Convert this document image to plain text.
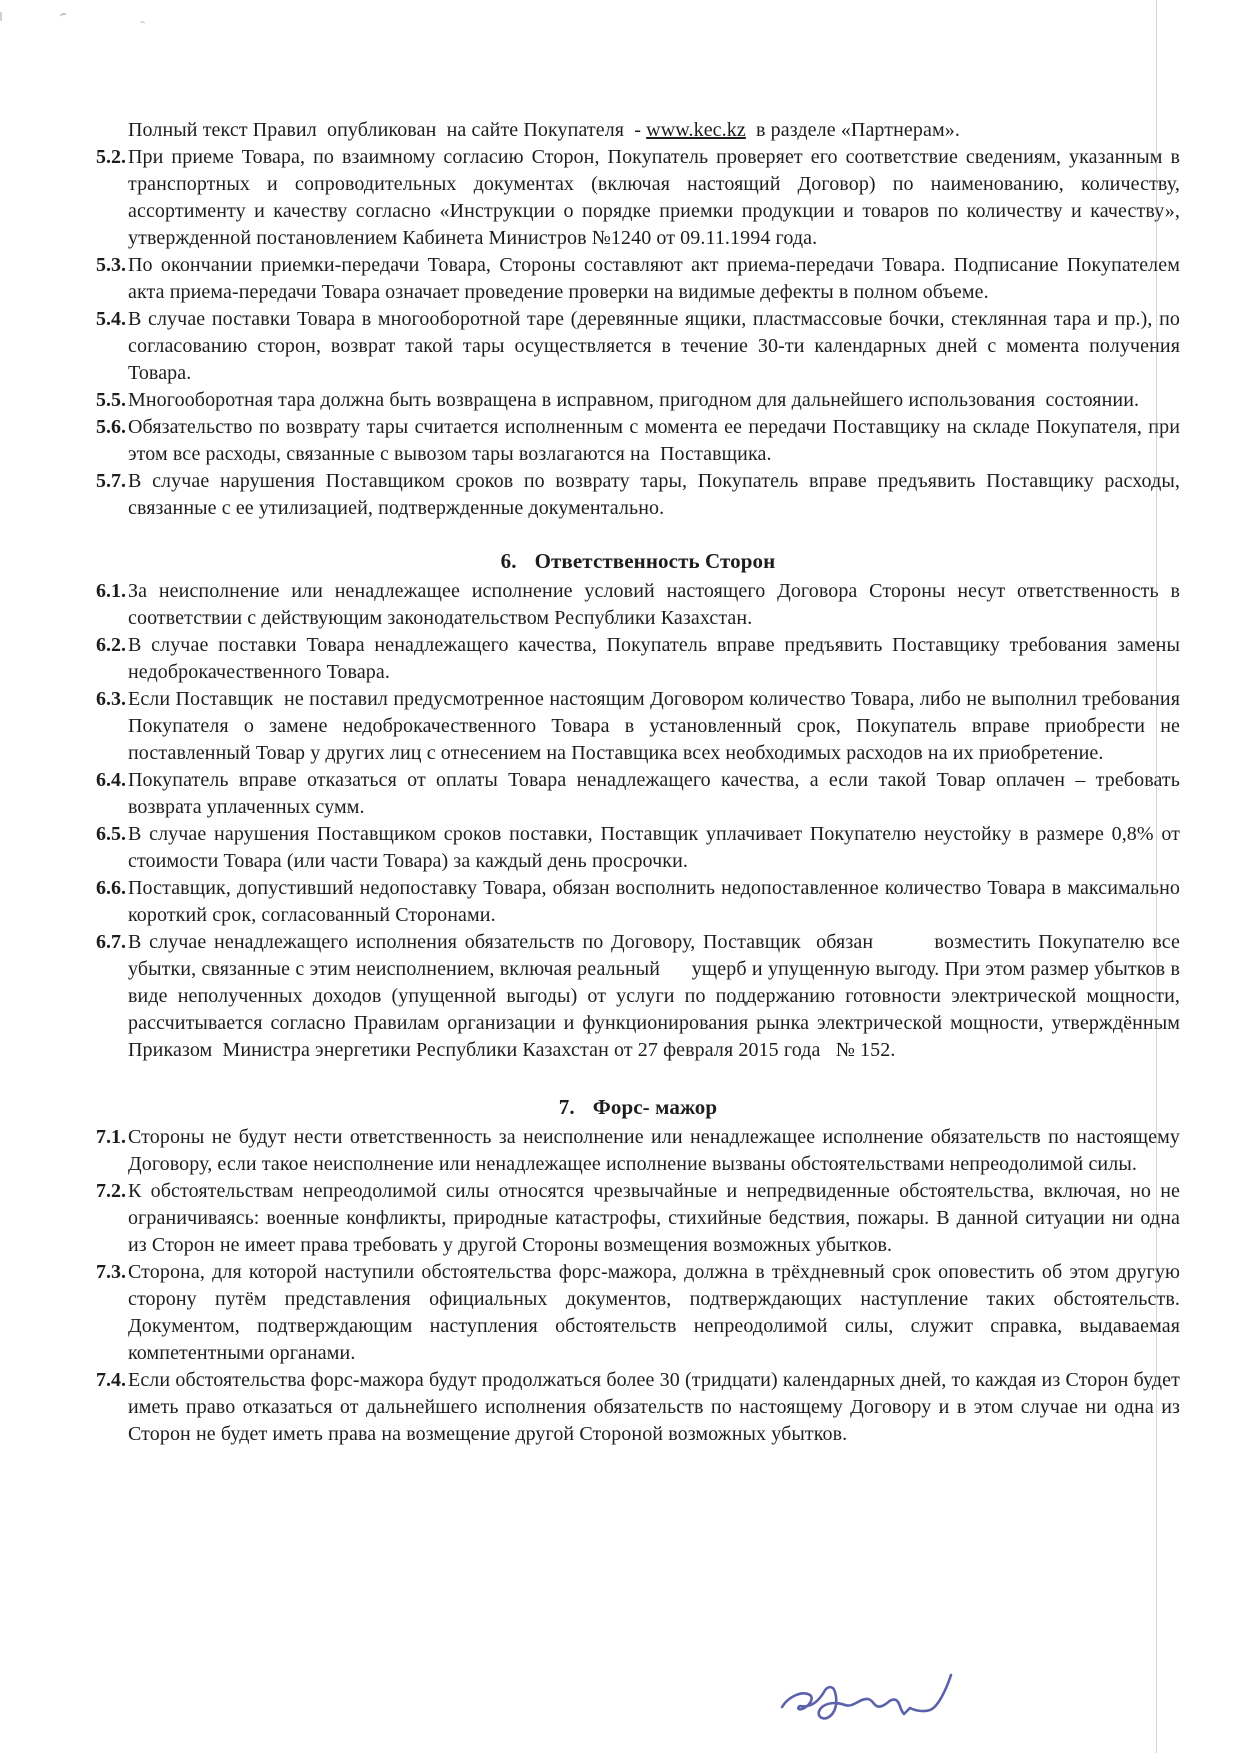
Полный текст Правил  опубликован  на сайте Покупателя  - www.kec.kz  в разделе «Партнерам».

5.2. При приеме Товара, по взаимному согласию Сторон, Покупатель проверяет его соответствие сведениям, указанным в транспортных и сопроводительных документах (включая настоящий Договор) по наименованию, количеству, ассортименту и качеству согласно «Инструкции о порядке приемки продукции и товаров по количеству и качеству», утвержденной постановлением Кабинета Министров №1240 от 09.11.1994 года.

5.3. По окончании приемки-передачи Товара, Стороны составляют акт приема-передачи Товара. Подписание Покупателем акта приема-передачи Товара означает проведение проверки на видимые дефекты в полном объеме.

5.4. В случае поставки Товара в многооборотной таре (деревянные ящики, пластмассовые бочки, стеклянная тара и пр.), по согласованию сторон, возврат такой тары осуществляется в течение 30-ти календарных дней с момента получения Товара.

5.5. Многооборотная тара должна быть возвращена в исправном, пригодном для дальнейшего использования  состоянии.

5.6. Обязательство по возврату тары считается исполненным с момента ее передачи Поставщику на складе Покупателя, при этом все расходы, связанные с вывозом тары возлагаются на  Поставщика.

5.7. В случае нарушения Поставщиком сроков по возврату тары, Покупатель вправе предъявить Поставщику расходы, связанные с ее утилизацией, подтвержденные документально.

6. Ответственность Сторон

6.1. За неисполнение или ненадлежащее исполнение условий настоящего Договора Стороны несут ответственность в соответствии с действующим законодательством Республики Казахстан.

6.2. В случае поставки Товара ненадлежащего качества, Покупатель вправе предъявить Поставщику требования замены недоброкачественного Товара.

6.3. Если Поставщик  не поставил предусмотренное настоящим Договором количество Товара, либо не выполнил требования Покупателя о замене недоброкачественного Товара в установленный срок, Покупатель вправе приобрести не поставленный Товар у других лиц с отнесением на Поставщика всех необходимых расходов на их приобретение.

6.4. Покупатель вправе отказаться от оплаты Товара ненадлежащего качества, а если такой Товар оплачен – требовать возврата уплаченных сумм.

6.5. В случае нарушения Поставщиком сроков поставки, Поставщик уплачивает Покупателю неустойку в размере 0,8% от стоимости Товара (или части Товара) за каждый день просрочки.

6.6. Поставщик, допустивший недопоставку Товара, обязан восполнить недопоставленное количество Товара в максимально короткий срок, согласованный Сторонами.

6.7. В случае ненадлежащего исполнения обязательств по Договору, Поставщик  обязан        возместить Покупателю все убытки, связанные с этим неисполнением, включая реальный      ущерб и упущенную выгоду. При этом размер убытков в виде неполученных доходов (упущенной выгоды) от услуги по поддержанию готовности электрической мощности, рассчитывается согласно Правилам организации и функционирования рынка электрической мощности, утверждённым Приказом  Министра энергетики Республики Казахстан от 27 февраля 2015 года   № 152.

7. Форс- мажор

7.1. Стороны не будут нести ответственность за неисполнение или ненадлежащее исполнение обязательств по настоящему Договору, если такое неисполнение или ненадлежащее исполнение вызваны обстоятельствами непреодолимой силы.

7.2. К обстоятельствам непреодолимой силы относятся чрезвычайные и непредвиденные обстоятельства, включая, но не ограничиваясь: военные конфликты, природные катастрофы, стихийные бедствия, пожары. В данной ситуации ни одна из Сторон не имеет права требовать у другой Стороны возмещения возможных убытков.

7.3. Сторона, для которой наступили обстоятельства форс-мажора, должна в трёхдневный срок оповестить об этом другую сторону путём представления официальных документов, подтверждающих наступление таких обстоятельств. Документом, подтверждающим наступления обстоятельств непреодолимой силы, служит справка, выдаваемая компетентными органами.

7.4. Если обстоятельства форс-мажора будут продолжаться более 30 (тридцати) календарных дней, то каждая из Сторон будет иметь право отказаться от дальнейшего исполнения обязательств по настоящему Договору и в этом случае ни одна из Сторон не будет иметь права на возмещение другой Стороной возможных убытков.
